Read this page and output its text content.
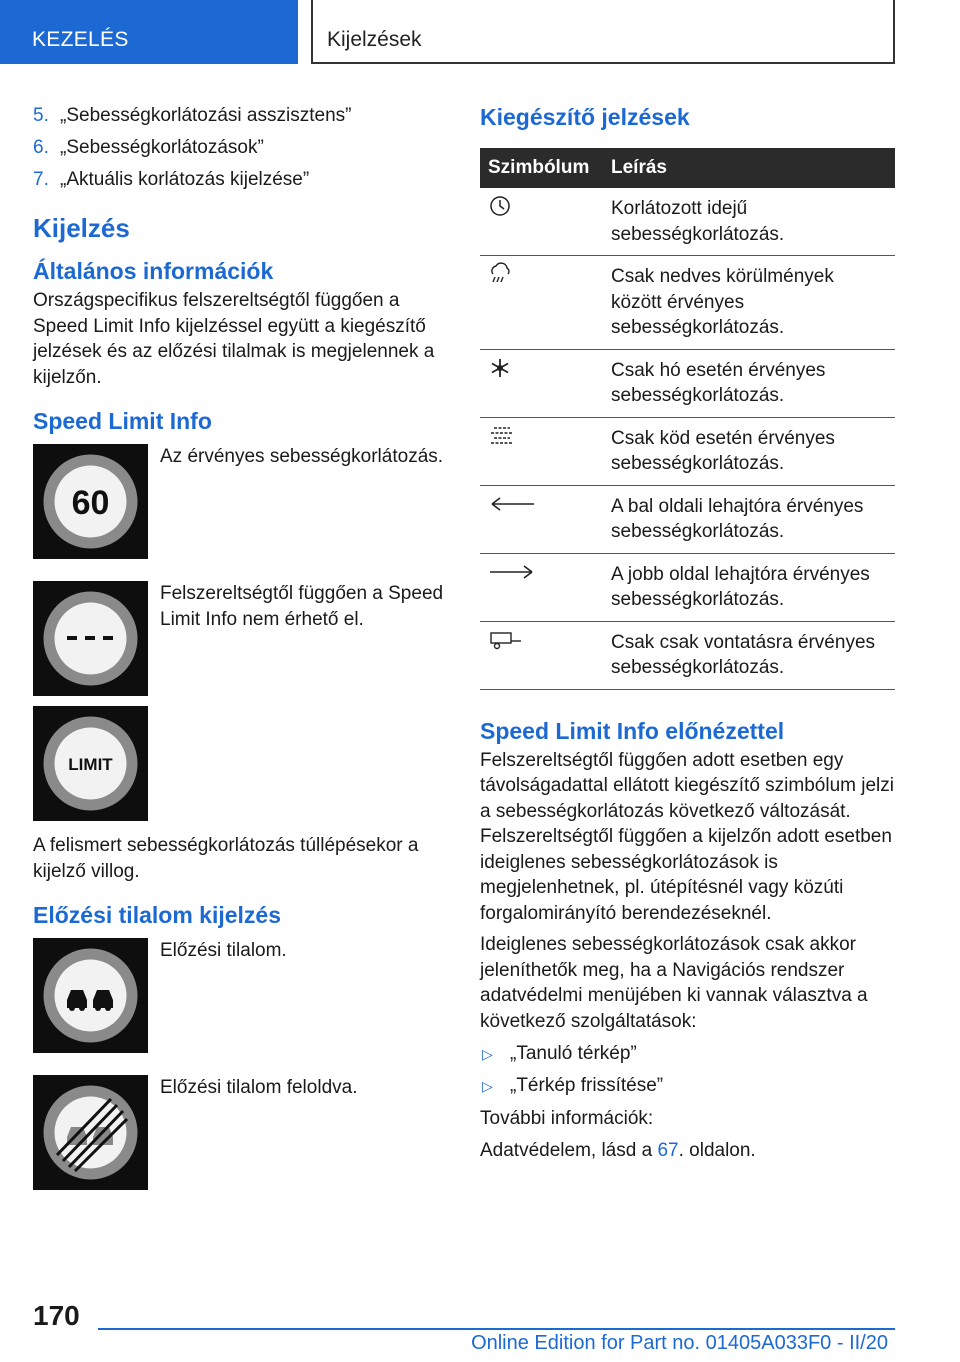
KEZELÉS	Kijelzések
5. „Sebességkorlátozási asszisztens”
6. „Sebességkorlátozások”
7. „Aktuális korlátozás kijelzése”
Kijelzés
Általános információk

Országspecifikus felszereltségtől függően a Speed Limit Info kijelzéssel együtt a kiegészítő jelzések és az előzési tilalmak is megjelennek a kijelzőn.

Speed Limit Info
60
Az érvényes sebességkorlátozás.
Felszereltségtől függően a Speed Limit Info nem érhető el.
LIMIT

A felismert sebességkorlátozás túllépésekor a kijelző villog.

Előzési tilalom kijelzés
Előzési tilalom.
Előzési tilalom feloldva.
Kiegészítő jelzések
Szimbólum	Leírás
	Korlátozott idejű sebességkorlátozás.
	Csak nedves körülmények között érvényes sebességkorlátozás.
	Csak hó esetén érvényes sebességkorlátozás.
	Csak köd esetén érvényes sebességkorlátozás.
	A bal oldali lehajtóra érvényes sebességkorlátozás.
	A jobb oldal lehajtóra érvényes sebességkorlátozás.
	Csak csak vontatásra érvényes sebességkorlátozás.
Speed Limit Info előnézettel

Felszereltségtől függően adott esetben egy távolságadattal ellátott kiegészítő szimbólum jelzi a sebességkorlátozás következő változását. Felszereltségtől függően a kijelzőn adott esetben ideiglenes sebességkorlátozások is megjelenhetnek, pl. útépítésnél vagy közúti forgalomirányító berendezéseknél.

Ideiglenes sebességkorlátozások csak akkor jeleníthetők meg, ha a Navigációs rendszer adatvédelmi menüjében ki vannak választva a következő szolgáltatások:

▷ „Tanuló térkép”
▷ „Térkép frissítése”

További információk:

Adatvédelem, lásd a 67. oldalon.

170
Online Edition for Part no. 01405A033F0 - II/20
